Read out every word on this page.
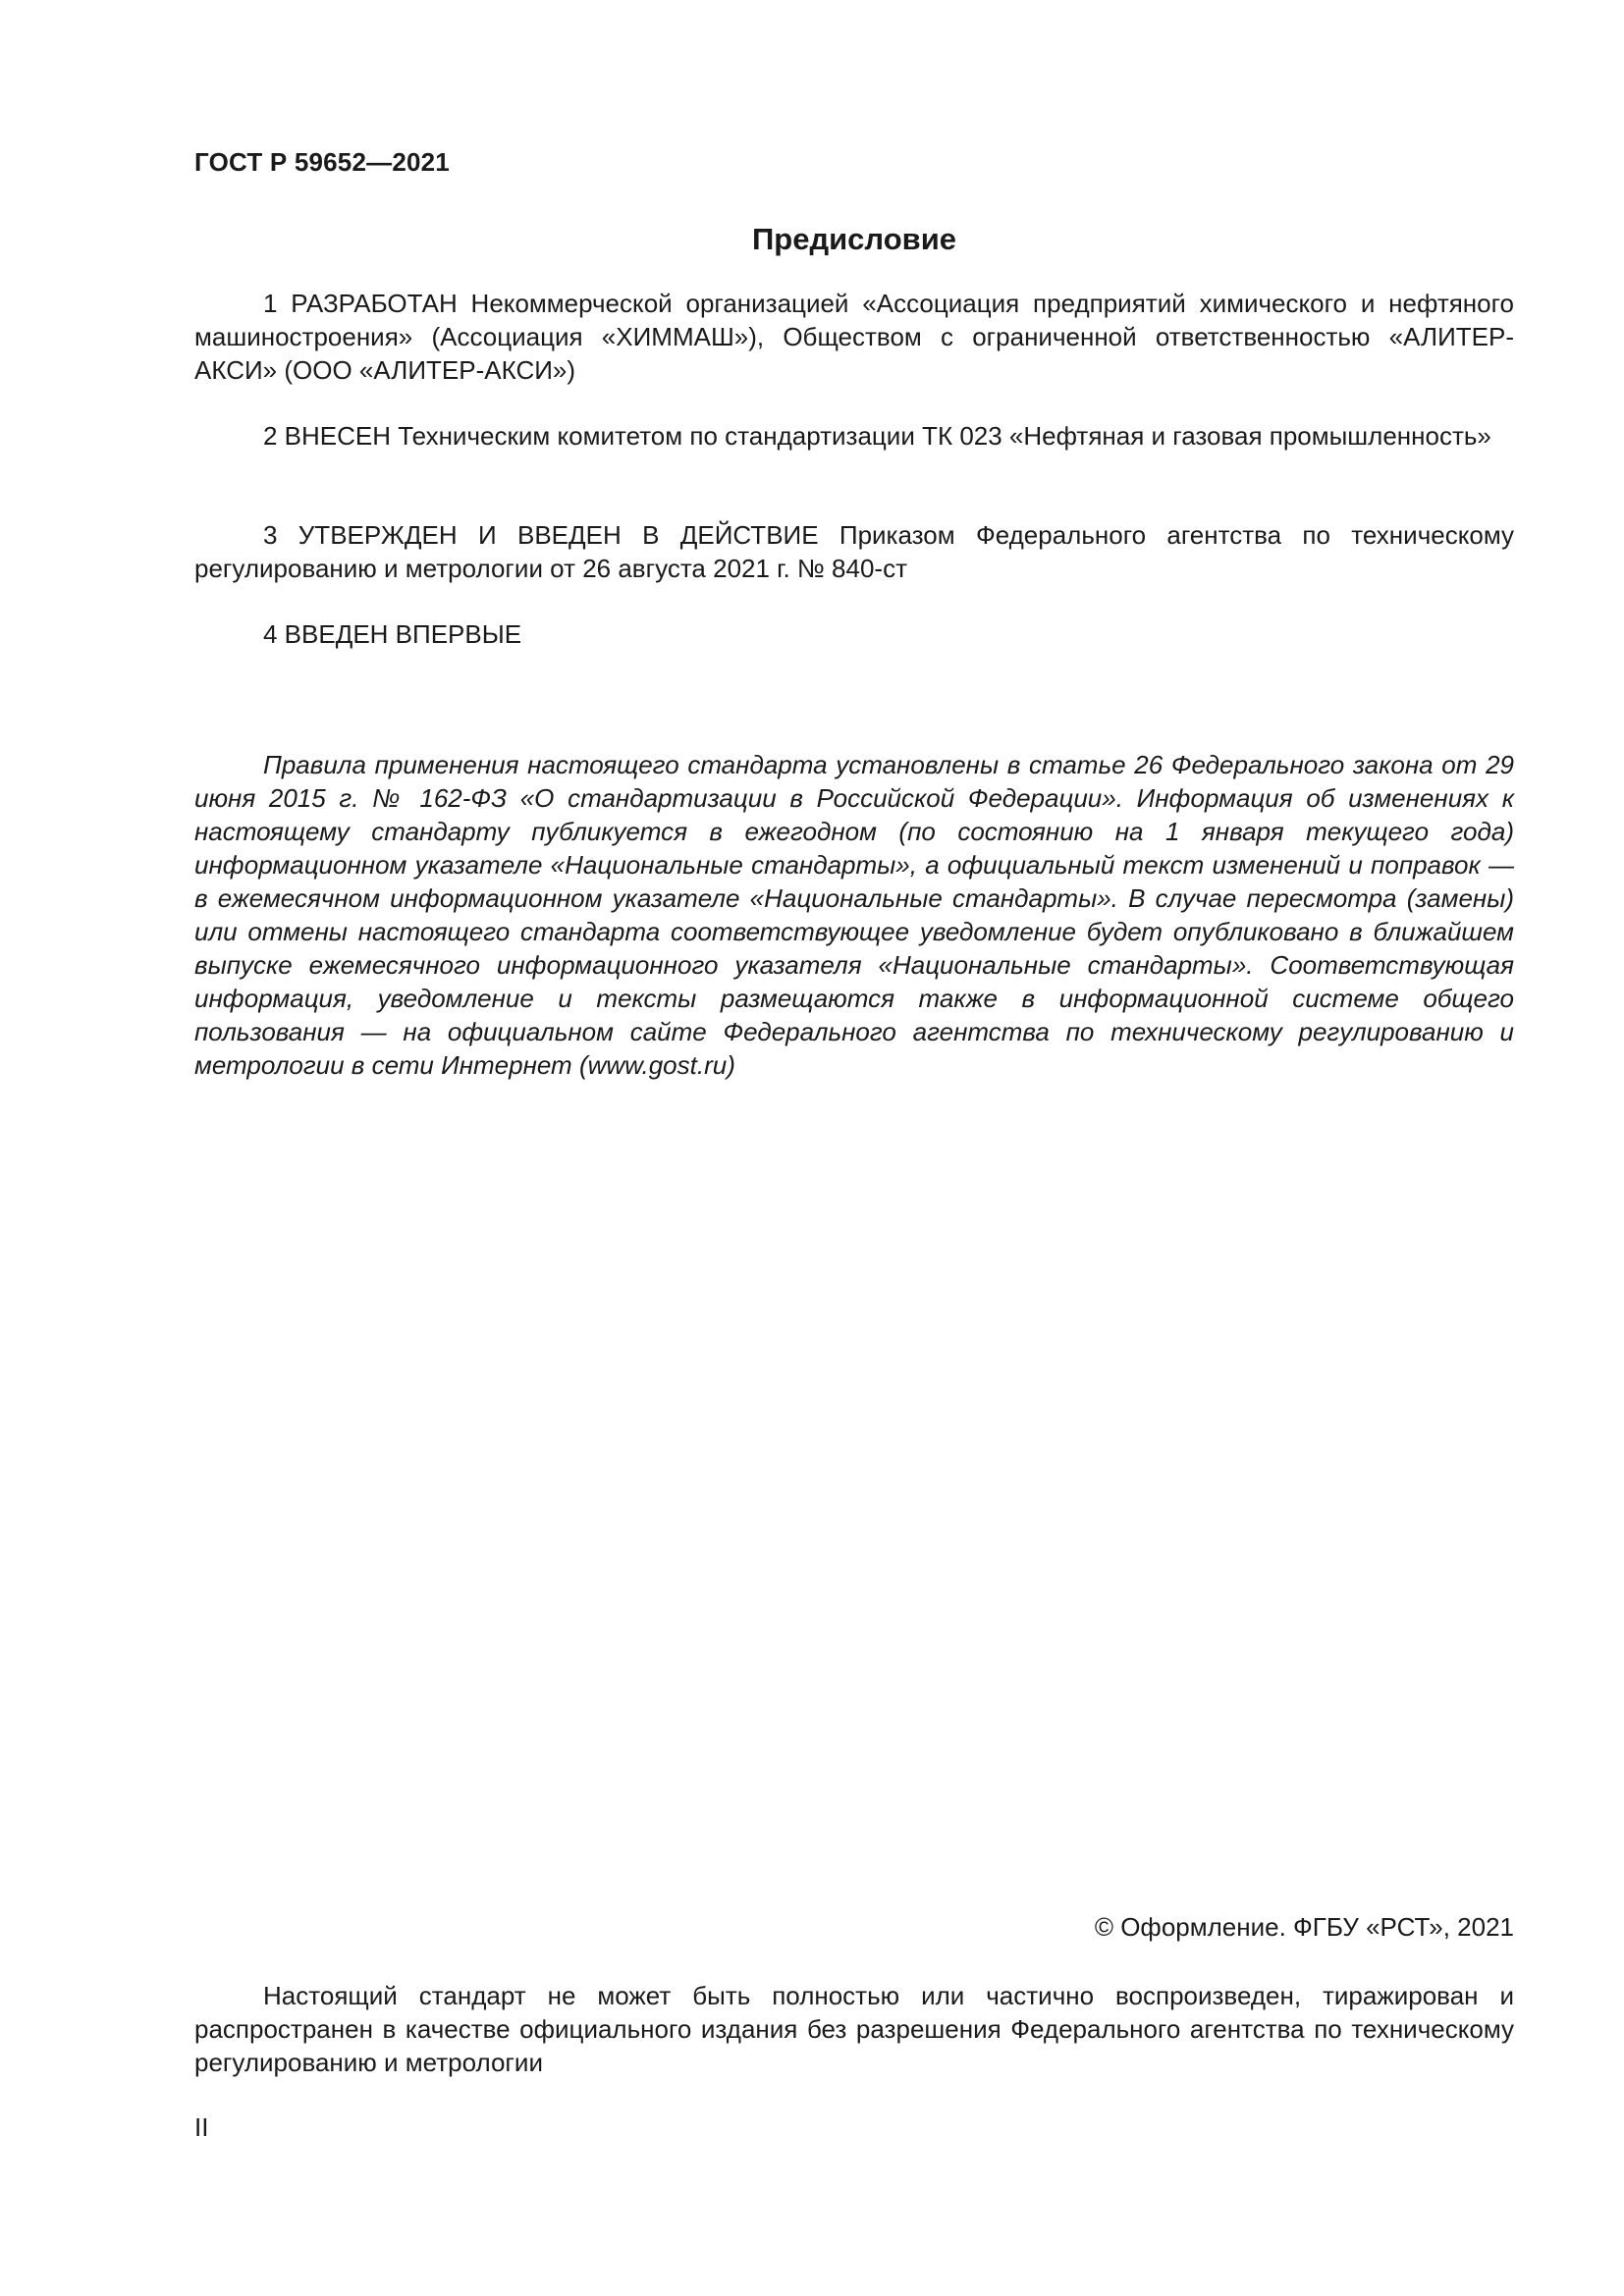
ГОСТ Р 59652—2021
Предисловие

1 РАЗРАБОТАН Некоммерческой организацией «Ассоциация предприятий химического и нефтяного машиностроения» (Ассоциация «ХИММАШ»), Обществом с ограниченной ответственностью «АЛИТЕР-АКСИ» (ООО «АЛИТЕР-АКСИ»)

2 ВНЕСЕН Техническим комитетом по стандартизации ТК 023 «Нефтяная и газовая промышленность»

3 УТВЕРЖДЕН И ВВЕДЕН В ДЕЙСТВИЕ Приказом Федерального агентства по техническому регулированию и метрологии от 26 августа 2021 г. № 840-ст

4 ВВЕДЕН ВПЕРВЫЕ

Правила применения настоящего стандарта установлены в статье 26 Федерального закона от 29 июня 2015 г. № 162-ФЗ «О стандартизации в Российской Федерации». Информация об изменениях к настоящему стандарту публикуется в ежегодном (по состоянию на 1 января текущего года) информационном указателе «Национальные стандарты», а официальный текст изменений и поправок — в ежемесячном информационном указателе «Национальные стандарты». В случае пересмотра (замены) или отмены настоящего стандарта соответствующее уведомление будет опубликовано в ближайшем выпуске ежемесячного информационного указателя «Национальные стандарты». Соответствующая информация, уведомление и тексты размещаются также в информационной системе общего пользования — на официальном сайте Федерального агентства по техническому регулированию и метрологии в сети Интернет (www.gost.ru)

© Оформление. ФГБУ «РСТ», 2021

Настоящий стандарт не может быть полностью или частично воспроизведен, тиражирован и распространен в качестве официального издания без разрешения Федерального агентства по техническому регулированию и метрологии

II
